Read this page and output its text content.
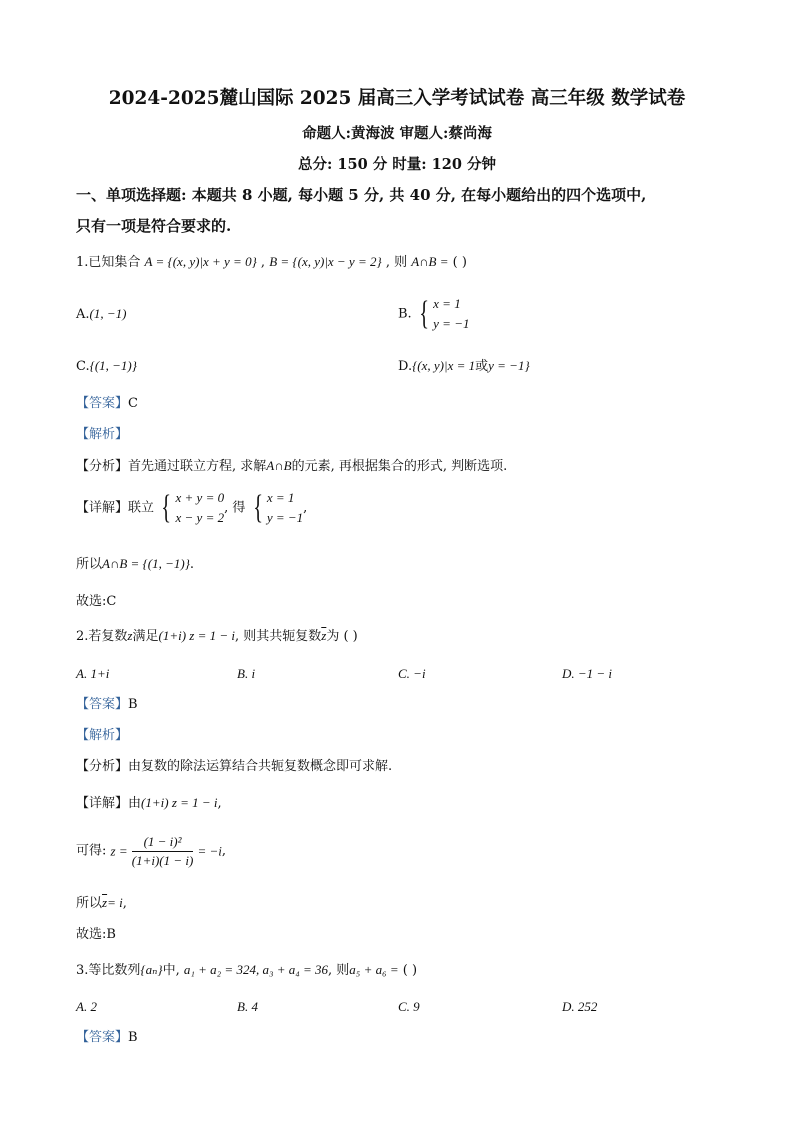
2024-2025麓山国际 2025 届高三入学考试试卷 高三年级 数学试卷
命题人:黄海波 审题人:蔡尚海
总分: 150 分 时量: 120 分钟
一、单项选择题: 本题共 8 小题, 每小题 5 分, 共 40 分, 在每小题给出的四个选项中,
只有一项是符合要求的.
1.已知集合 A = {(x, y)|x + y = 0} , B = {(x, y)|x − y = 2} , 则 A∩B = ( )
A.(1, −1)	B. { x = 1
y = −1
C.{(1, −1)}	D.{(x, y)|x = 1或y = −1}
【答案】C
【解析】
【分析】首先通过联立方程, 求解A∩B的元素, 再根据集合的形式, 判断选项.
【详解】联立 { x + y = 0
x − y = 2, 得 { x = 1
y = −1,
所以A∩B = {(1, −1)}.
故选:C
2.若复数z满足(1+i) z = 1 − i, 则其共轭复数$\overline{z}$为 ( )
A. 1+i	B. i	C. −i	D. −1 − i
【答案】B
【解析】
【分析】由复数的除法运算结合共轭复数概念即可求解.
【详解】由(1+i) z = 1 − i,
可得: $z = \frac{\text{(1 − i)²}}{(1+i)(1 - i)} = -i$,
所以$\overline{z}= i$,
故选:B
3.等比数列{aₙ}中, a₁ + a₂ = 324, a₃ + a₄ = 36, 则a₅ + a₆ = ( )
A. 2	B. 4	C. 9	D. 252
【答案】B
